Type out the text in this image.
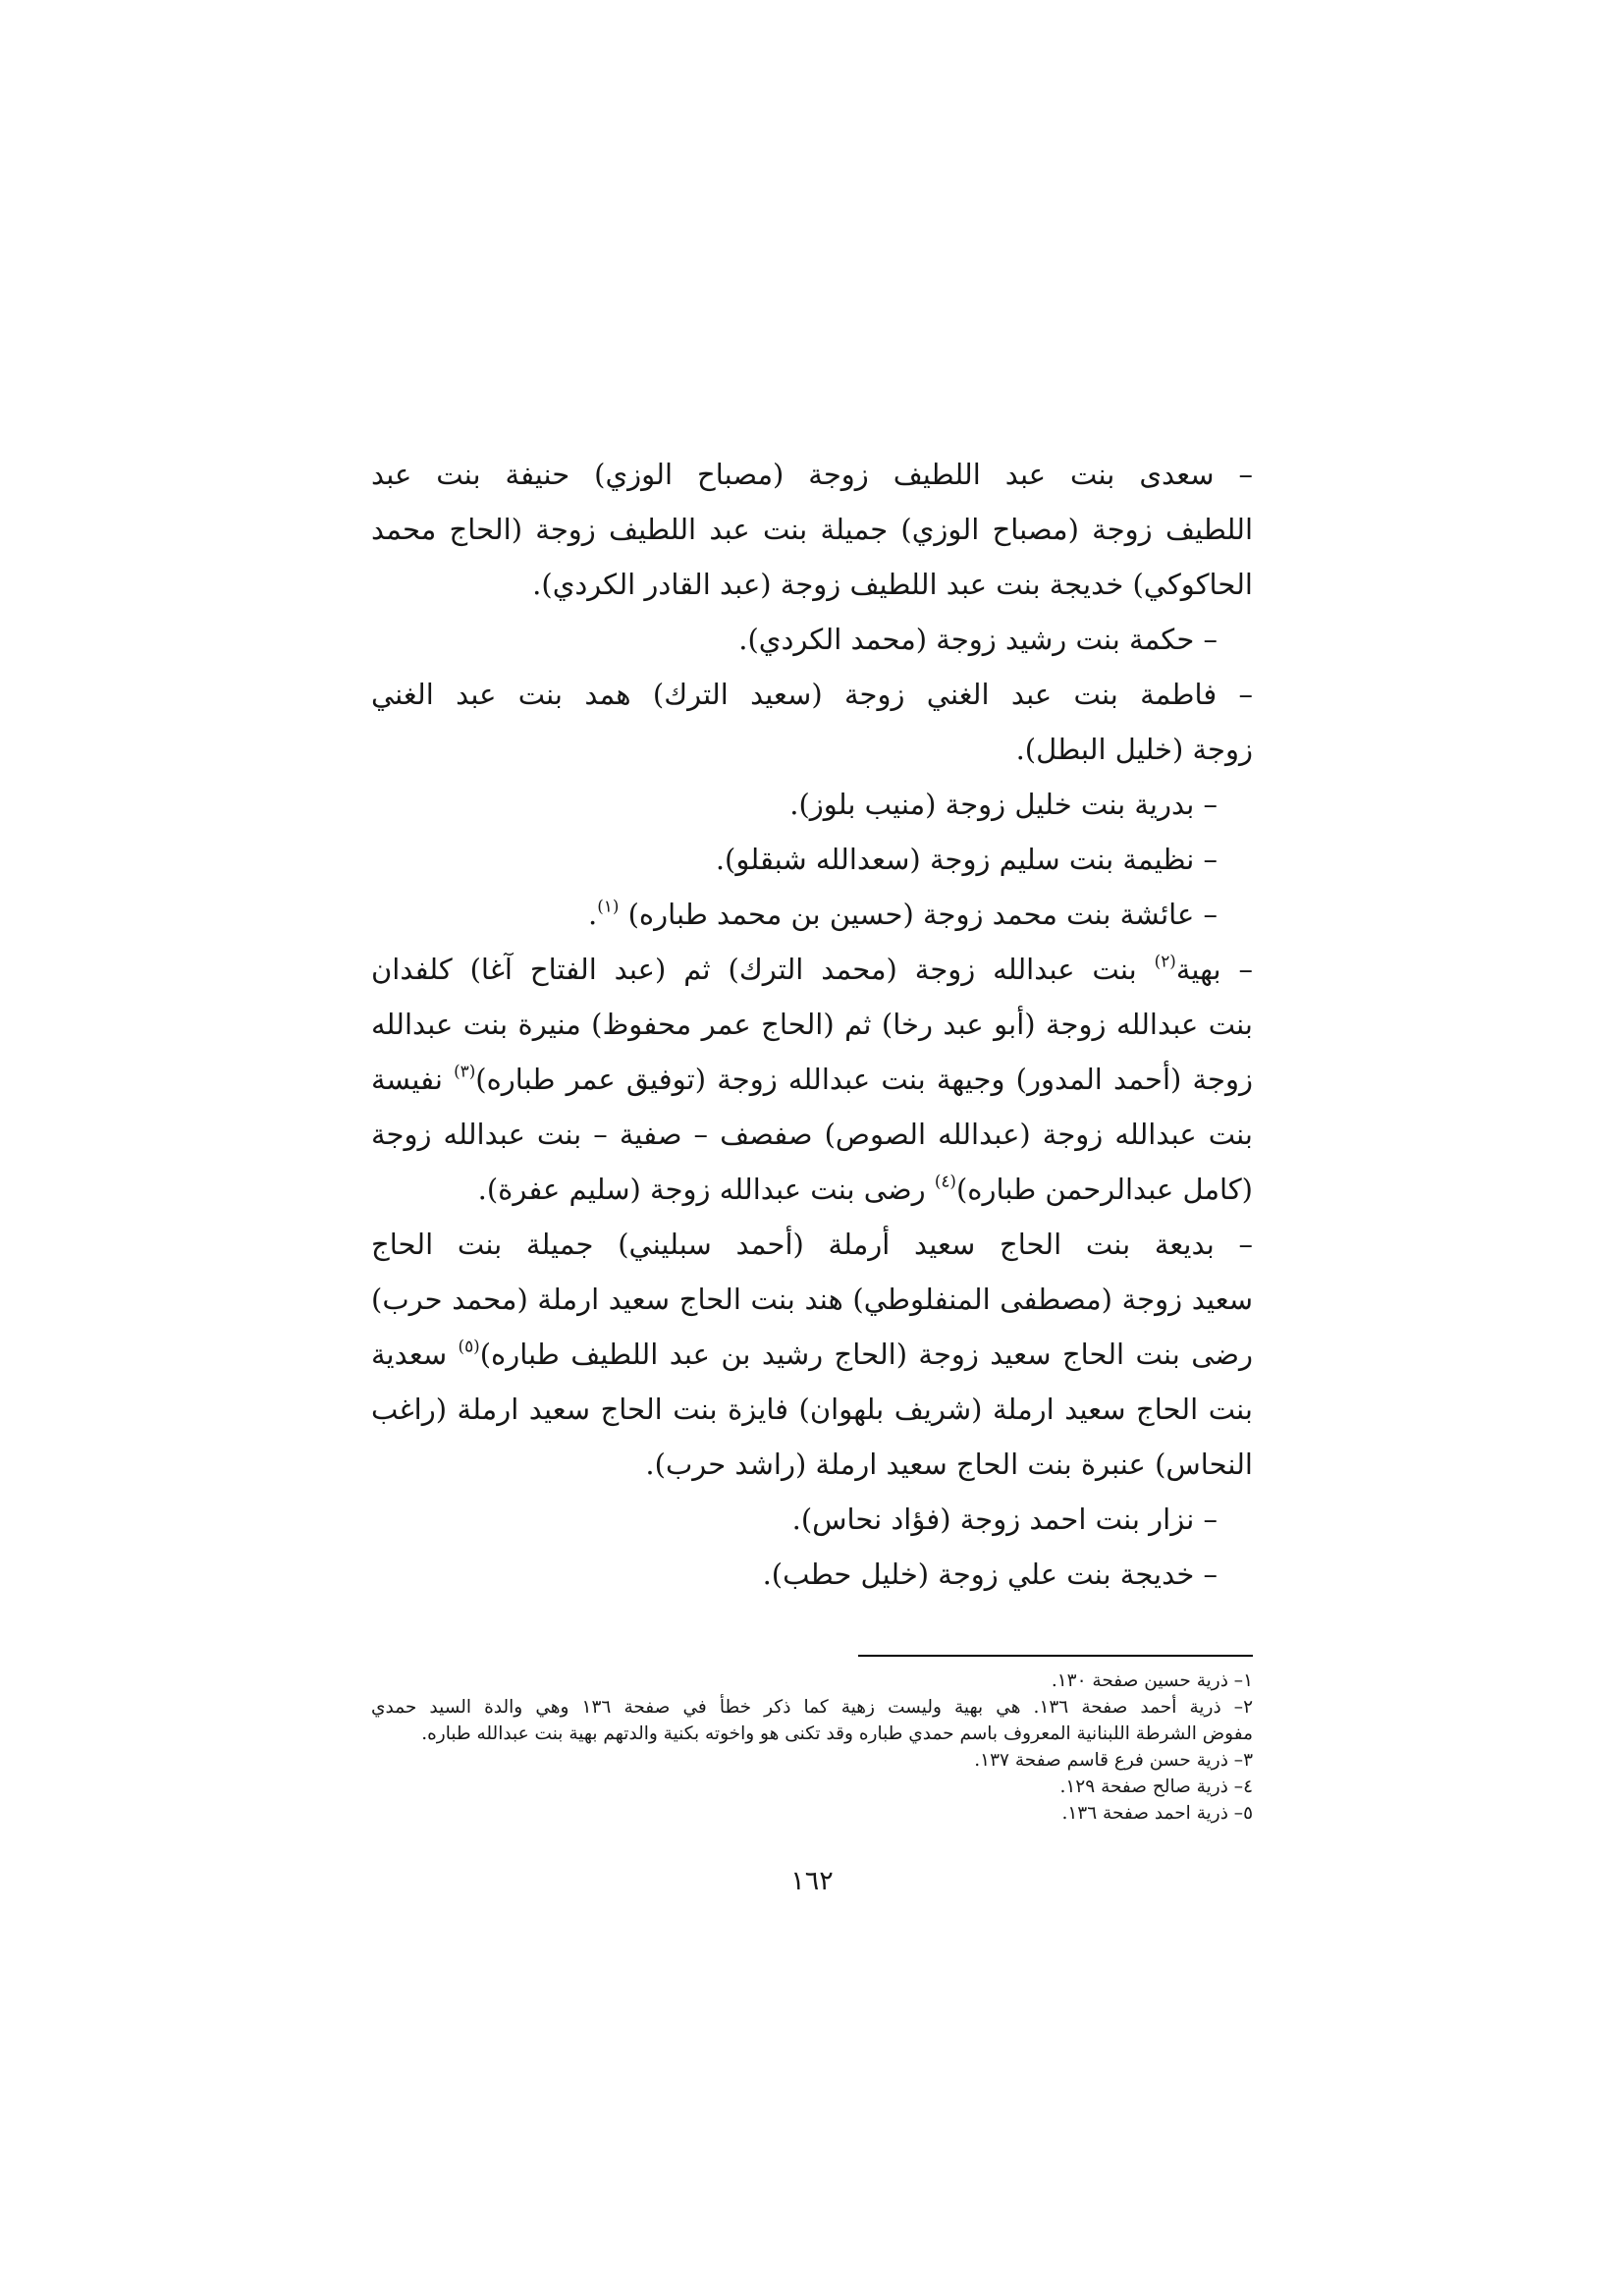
– سعدى بنت عبد اللطيف زوجة (مصباح الوزي) حنيفة بنت عبد
اللطيف زوجة (مصباح الوزي) جميلة بنت عبد اللطيف زوجة (الحاج محمد
الحاكوكي) خديجة بنت عبد اللطيف زوجة (عبد القادر الكردي).
– حكمة بنت رشيد زوجة (محمد الكردي).
– فاطمة بنت عبد الغني زوجة (سعيد الترك) همد بنت عبد الغني
زوجة (خليل البطل).
– بدرية بنت خليل زوجة (منيب بلوز).
– نظيمة بنت سليم زوجة (سعدالله شبقلو).
– عائشة بنت محمد زوجة (حسين بن محمد طباره) $^{(١)}$.
– بهية$^{(٢)}$ بنت عبدالله زوجة (محمد الترك) ثم (عبد الفتاح آغا) كلفدان
بنت عبدالله زوجة (أبو عبد رخا) ثم (الحاج عمر محفوظ) منيرة بنت عبدالله
زوجة (أحمد المدور) وجيهة بنت عبدالله زوجة (توفيق عمر طباره)$^{(٣)}$ نفيسة
بنت عبدالله زوجة (عبدالله الصوص) صفصف – صفية – بنت عبدالله زوجة
(كامل عبدالرحمن طباره)$^{(٤)}$ رضى بنت عبدالله زوجة (سليم عفرة).
– بديعة بنت الحاج سعيد أرملة (أحمد سبليني) جميلة بنت الحاج
سعيد زوجة (مصطفى المنفلوطي) هند بنت الحاج سعيد ارملة (محمد حرب)
رضى بنت الحاج سعيد زوجة (الحاج رشيد بن عبد اللطيف طباره)$^{(٥)}$ سعدية
بنت الحاج سعيد ارملة (شريف بلهوان) فايزة بنت الحاج سعيد ارملة (راغب
النحاس) عنبرة بنت الحاج سعيد ارملة (راشد حرب).
– نزار بنت احمد زوجة (فؤاد نحاس).
– خديجة بنت علي زوجة (خليل حطب).
١– ذرية حسين صفحة ١٣٠.
٢– ذرية أحمد صفحة ١٣٦. هي بهية وليست زهية كما ذكر خطأ في صفحة ١٣٦ وهي والدة السيد حمدي
مفوض الشرطة اللبنانية المعروف باسم حمدي طباره وقد تكنى هو واخوته بكنية والدتهم بهية بنت عبدالله طباره.
٣– ذرية حسن فرع قاسم صفحة ١٣٧.
٤– ذرية صالح صفحة ١٢٩.
٥– ذرية احمد صفحة ١٣٦.
١٦٢
